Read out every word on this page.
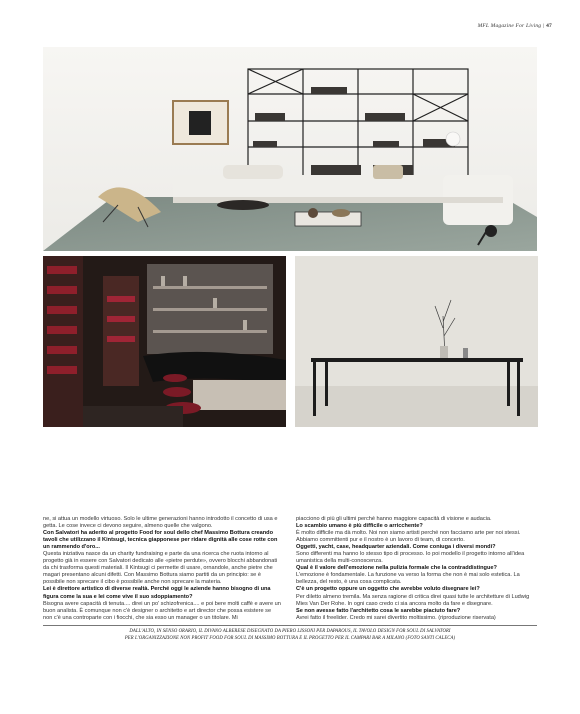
MFL Magazine For Living | 47

ne, si attua un modello virtuoso. Solo le ultime generazioni hanno introdotto il concetto di usa e getta. Le cose invece ci devono seguire, almeno quelle che valgono.

Con Salvatori ha aderito al progetto Food for soul dello chef Massimo Bottura creando tavoli che utilizzano il Kintsugi, tecnica giapponese per ridare dignità alle cose rotte con un rammendo d'oro...

Questa iniziativa nasce da un charity fundraising e parte da una ricerca che ruota intorno al progetto già in essere con Salvatori dedicato alle «pietre perdute», ovvero blocchi abbandonati da chi trasforma questi materiali. Il Kintsugi ci permette di usare, ornandole, anche pietre che magari presentano alcuni difetti. Con Massimo Bottura siamo partiti da un principio: se è possibile non sprecare il cibo è possibile anche non sprecare la materia.

Lei è direttore artistico di diverse realtà. Perché oggi le aziende hanno bisogno di una figura come la sua e lei come vive il suo sdoppiamento?

Bisogna avere capacità di tenuta.... direi un po' schizofrenica.... e poi bere molti caffè e avere un buon analista. È comunque non c'è designer o architetto e art director che possa esistere se non c'è una controparte con i fiocchi, che sia esso un manager o un titolare. Mi

piacciono di più gli ultimi perché hanno maggiore capacità di visione e audacia.

Lo scambio umano è più difficile o arricchente?

È molto difficile ma dà molto. Noi non siamo artisti perché non facciamo arte per noi stessi. Abbiamo committenti pur e il nostro è un lavoro di team, di concerto.

Oggetti, yacht, case, headquarter aziendali. Come coniuga i diversi mondi?

Sono differenti ma hanno lo stesso tipo di processo. Io poi modello il progetto intorno all'idea umanistica della multi-conoscenza.

Qual è il valore dell'emozione nella pulizia formale che la contraddistingue?

L'emozione è fondamentale. La funzione va verso la forma che non è mai solo estetica. La bellezza, del resto, è una cosa complicata.

C'è un progetto oppure un oggetto che avrebbe voluto disegnare lei?

Per diletto almeno tremila. Ma senza ragione di critica direi quasi tutte le architetture di Ludwig Mies Van Der Rohe. In ogni caso credo ci sia ancora molto da fare e disegnare.

Se non avesse fatto l'architetto cosa le sarebbe piaciuto fare?

Avrei fatto il freelider. Credo mi sarei divertito moltissimo. (riproduzione riservata)

DALL'ALTO, IN SENSO ORARIO, IL DIVANO ALBERESE DISEGNATO DA PIERO LISSONI PER DAPAROUS, IL TAVOLO DESIGN FOR SOUL DI SALVATORI
PER L'ORGANIZZAZIONE NON PROFIT FOOD FOR SOUL DI MASSIMO BOTTURA E IL PROGETTO PER IL CAMPARI BAR A MILANO (FOTO SANTI CALECA)
